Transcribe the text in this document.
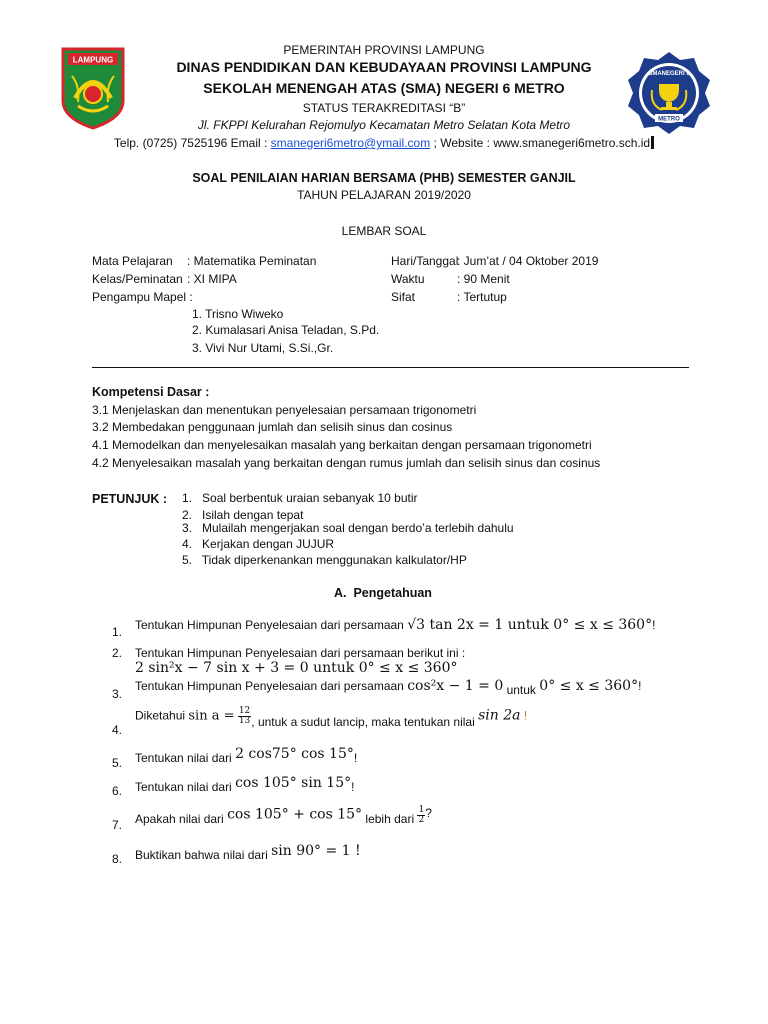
LAMPUNG
SMANEGERI 6
METRO
PEMERINTAH PROVINSI LAMPUNG
DINAS PENDIDIKAN DAN KEBUDAYAAN PROVINSI LAMPUNG
SEKOLAH MENENGAH ATAS (SMA) NEGERI 6 METRO
STATUS TERAKREDITASI “B”
Jl. FKPPI Kelurahan Rejomulyo Kecamatan Metro Selatan Kota Metro
Telp. (0725) 7525196 Email : smanegeri6metro@ymail.com ; Website : www.smanegeri6metro.sch.id
SOAL PENILAIAN HARIAN BERSAMA (PHB) SEMESTER GANJIL
TAHUN PELAJARAN 2019/2020
LEMBAR SOAL
Mata Pelajaran : Matematika Peminatan
Kelas/Peminatan : XI MIPA
Pengampu Mapel :
Hari/Tanggal
: Jum’at / 04 Oktober 2019
Waktu	: 90 Menit
Sifat	: Tertutup
1. Trisno Wiweko
2. Kumalasari Anisa Teladan, S.Pd.
3. Vivi Nur Utami, S.Si.,Gr.
Kompetensi Dasar :
3.1 Menjelaskan dan menentukan penyelesaian persamaan trigonometri
3.2 Membedakan penggunaan jumlah dan selisih sinus dan cosinus
4.1 Memodelkan dan menyelesaikan masalah yang berkaitan dengan persamaan trigonometri
4.2 Menyelesaikan masalah yang berkaitan dengan rumus jumlah dan selisih sinus dan cosinus
PETUNJUK : 1.   Soal berbentuk uraian sebanyak 10 butir
2.   Isilah dengan tepat
3.   Mulailah mengerjakan soal dengan berdo’a terlebih dahulu
4.   Kerjakan dengan JUJUR
5.   Tidak diperkenankan menggunakan kalkulator/HP
A.  Pengetahuan
1. Tentukan Himpunan Penyelesaian dari persamaan √3 tan 2x = 1 untuk 0° ≤ x ≤ 360°!
2. Tentukan Himpunan Penyelesaian dari persamaan berikut ini :
2 sin²x − 7 sin x + 3 = 0 untuk 0° ≤ x ≤ 360°
3.
Tentukan Himpunan Penyelesaian dari persamaan cos²x − 1 = 0 untuk 0° ≤ x ≤ 360°!
4.
Diketahui $\sin a = \frac{12}{13}$ , untuk a sudut lancip, maka tentukan nilai sin 2a !
5. Tentukan nilai dari 2 cos75° cos 15°!
6. Tentukan nilai dari cos 105° sin 15°!
7. Apakah nilai dari cos 105° + cos 15° lebih dari $\frac{1}{2}$ ?
8. Buktikan bahwa nilai dari sin 90° = 1 !
